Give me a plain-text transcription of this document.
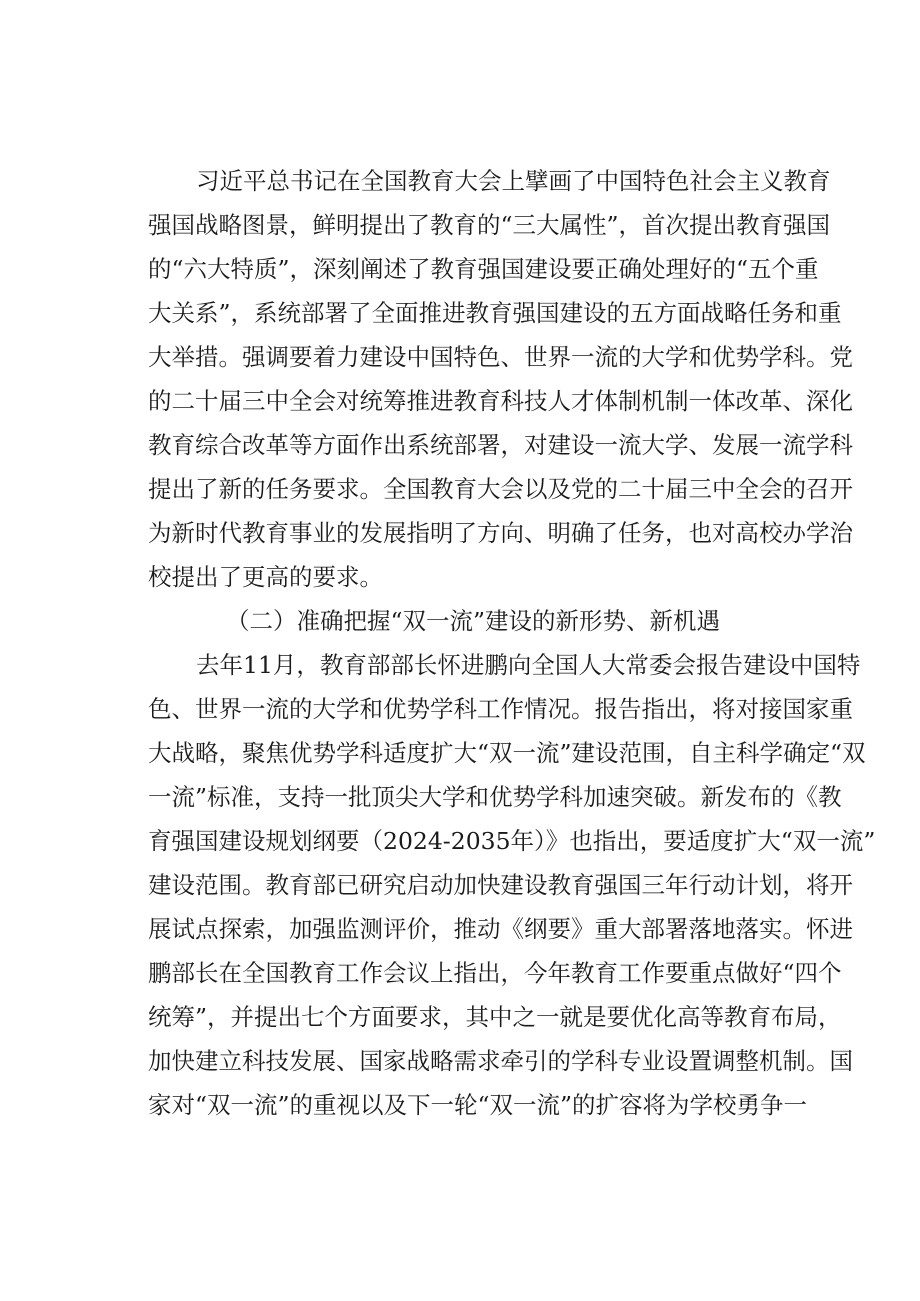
习近平总书记在全国教育大会上擘画了中国特色社会主义教育
强国战略图景，鲜明提出了教育的“三大属性”，首次提出教育强国
的“六大特质”，深刻阐述了教育强国建设要正确处理好的“五个重
大关系”，系统部署了全面推进教育强国建设的五方面战略任务和重
大举措。强调要着力建设中国特色、世界一流的大学和优势学科。党
的二十届三中全会对统筹推进教育科技人才体制机制一体改革、深化
教育综合改革等方面作出系统部署，对建设一流大学、发展一流学科
提出了新的任务要求。全国教育大会以及党的二十届三中全会的召开
为新时代教育事业的发展指明了方向、明确了任务，也对高校办学治
校提出了更高的要求。
（二）准确把握“双一流”建设的新形势、新机遇
去年11月，教育部部长怀进鹏向全国人大常委会报告建设中国特
色、世界一流的大学和优势学科工作情况。报告指出，将对接国家重
大战略，聚焦优势学科适度扩大“双一流”建设范围，自主科学确定“双
一流”标准，支持一批顶尖大学和优势学科加速突破。新发布的《教
育强国建设规划纲要（2024-2035年）》也指出，要适度扩大“双一流”
建设范围。教育部已研究启动加快建设教育强国三年行动计划，将开
展试点探索，加强监测评价，推动《纲要》重大部署落地落实。怀进
鹏部长在全国教育工作会议上指出，今年教育工作要重点做好“四个
统筹”，并提出七个方面要求，其中之一就是要优化高等教育布局，
加快建立科技发展、国家战略需求牵引的学科专业设置调整机制。国
家对“双一流”的重视以及下一轮“双一流”的扩容将为学校勇争一
